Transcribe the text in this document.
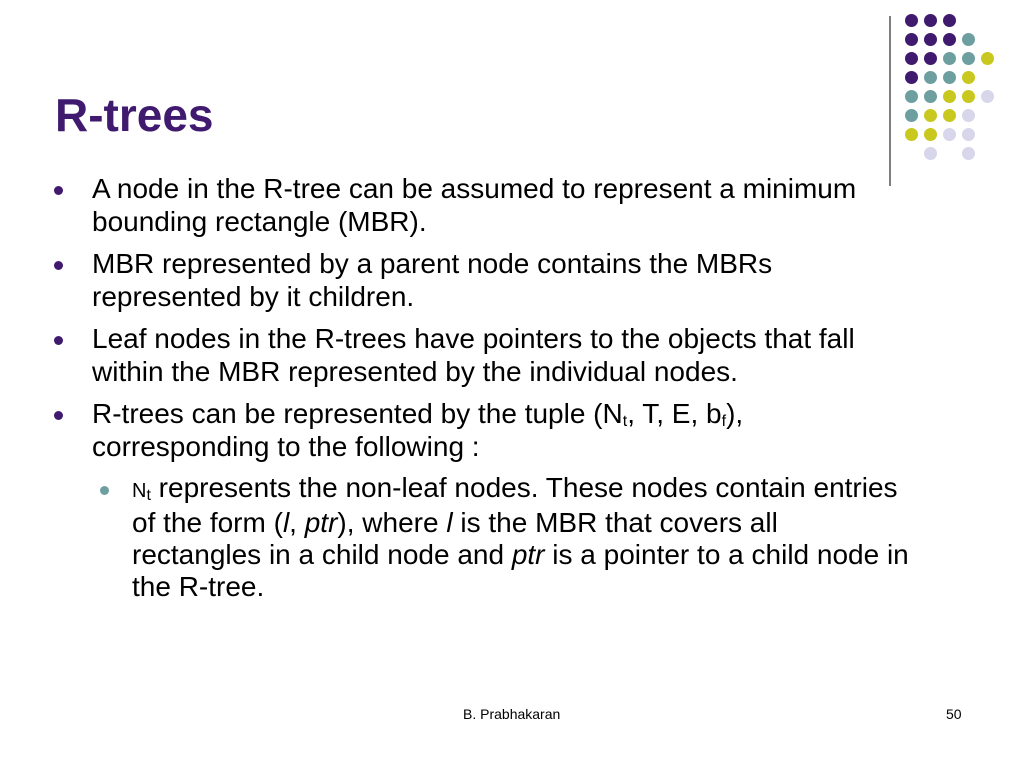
R-trees
A node in the R-tree can be assumed to represent a minimum bounding rectangle (MBR).
MBR represented by a parent node contains the MBRs represented by it children.
Leaf nodes in the R-trees have pointers to the objects that fall within the MBR represented by the individual nodes.
R-trees can be represented by the tuple ($N_t$, T, E, $b_f$), corresponding to the following :
$N_t$ represents the non-leaf nodes. These nodes contain entries of the form (l, ptr), where l is the MBR that covers all rectangles in a child node and ptr is a pointer to a child node in the R-tree.
B. Prabhakaran	50
